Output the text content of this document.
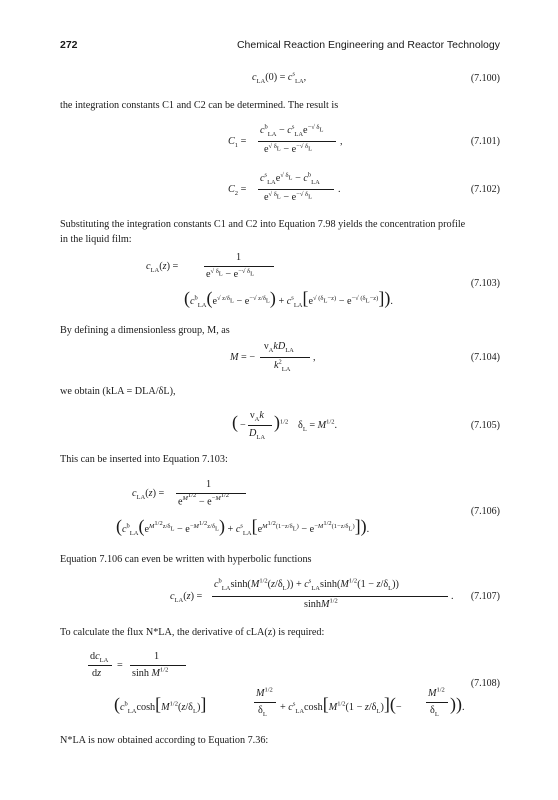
272	Chemical Reaction Engineering and Reactor Technology
$c_{LA}(0) = c^s_{LA}$,	(7.100)
the integration constants C1 and C2 can be determined. The result is
$C_1$ =
$c^b_{LA} - c^s_{LA}e^{-√ \delta_L}$
$e^{√ \delta_L} - e^{-√ \delta_L}$
,	(7.101)
$C_2$ =
$c^s_{LA}e^{√ \delta_L} - c^b_{LA}$
$e^{√ \delta_L} - e^{-√ \delta_L}$
.	(7.102)
Substituting the integration constants C1 and C2 into Equation 7.98 yields the concentration profile
in the liquid film:
$c_{LA}(z)$ =
1
$e^{√ \delta_L} - e^{-√ \delta_L}$
$(c^b_{LA}(e^{√ z/\delta_L} - e^{-√ z/\delta_L}) + c^s_{LA}[e^{√ (\delta_L-z)} - e^{-√ (\delta_L-z)}])$.
(7.103)
By defining a dimensionless group, M, as
M = −
$\nu_AkD_{LA}$
$k^2_{LA}$
,	(7.104)
we obtain (kLA = DLA/δL),
( −
$\nu_Ak$
$D_{LA}$
)$^{1/2}$ $\delta_L = M^{1/2}$.	(7.105)
This can be inserted into Equation 7.103:
$c_{LA}(z)$ =
1
$e^{M^{1/2}} - e^{-M^{1/2}}$
$(c^b_{LA}(e^{M^{1/2}z/\delta_L} - e^{-M^{1/2}z/\delta_L}) + c^s_{LA}[e^{M^{1/2}(1-z/\delta_L)} - e^{-M^{1/2}(1-z/\delta_L)}])$.
(7.106)
Equation 7.106 can even be written with hyperbolic functions
$c_{LA}(z)$ =
$c^b_{LA}\sinh(M^{1/2}(z/\delta_L)) + c^s_{LA}\sinh(M^{1/2}(1 - z/\delta_L))$
sinhM$^{1/2}$	. (7.107)
To calculate the flux N*LA, the derivative of cLA(z) is required:
$dc_{LA}$
dz
=
1
$\sinh M^{1/2}$
($c^b_{LA}\cosh[M^{1/2}(z/\delta_L)]$
$M^{1/2}$
$\delta_L$
+ $c^s_{LA}\cosh[M^{1/2}(1 - z/\delta_L)](-$
$M^{1/2}$
$\delta_L$
)).
(7.108)
N*LA is now obtained according to Equation 7.36:
